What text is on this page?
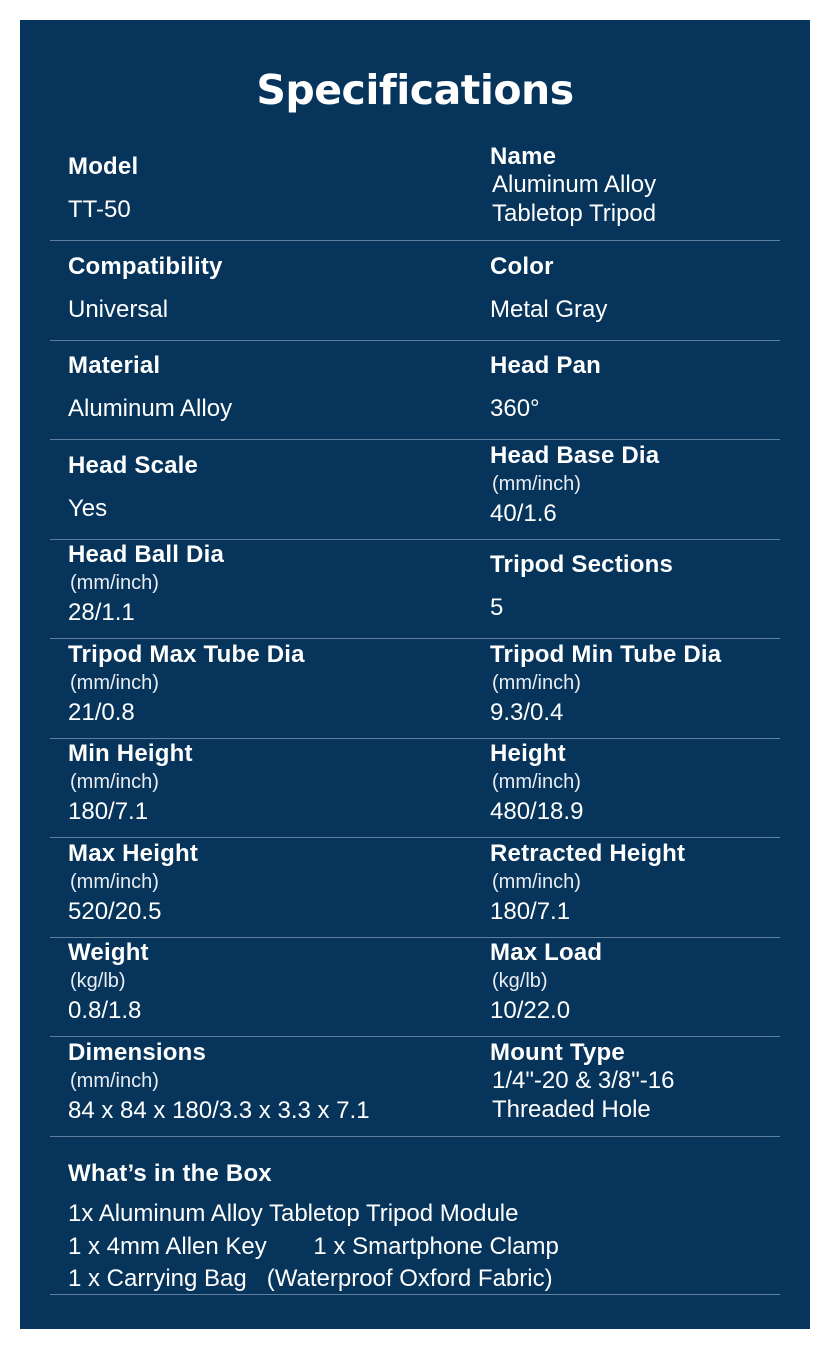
Specifications
Model
TT-50
Name
Aluminum Alloy
Tabletop Tripod
Compatibility
Universal
Color
Metal Gray
Material
Aluminum Alloy
Head Pan
360°
Head Scale
Yes
Head Base Dia
(mm/inch)
40/1.6
Head Ball Dia
(mm/inch)
28/1.1
Tripod Sections
5
Tripod Max Tube Dia
(mm/inch)
21/0.8
Tripod Min Tube Dia
(mm/inch)
9.3/0.4
Min Height
(mm/inch)
180/7.1
Height
(mm/inch)
480/18.9
Max Height
(mm/inch)
520/20.5
Retracted Height
(mm/inch)
180/7.1
Weight
(kg/lb)
0.8/1.8
Max Load
(kg/lb)
10/22.0
Dimensions
(mm/inch)
84 x 84 x 180/3.3 x 3.3 x 7.1
Mount Type
1/4"-20 & 3/8"-16
Threaded Hole
What’s in the Box
1x Aluminum Alloy Tabletop Tripod Module
1 x 4mm Allen Key       1 x Smartphone Clamp
1 x Carrying Bag   (Waterproof Oxford Fabric)
